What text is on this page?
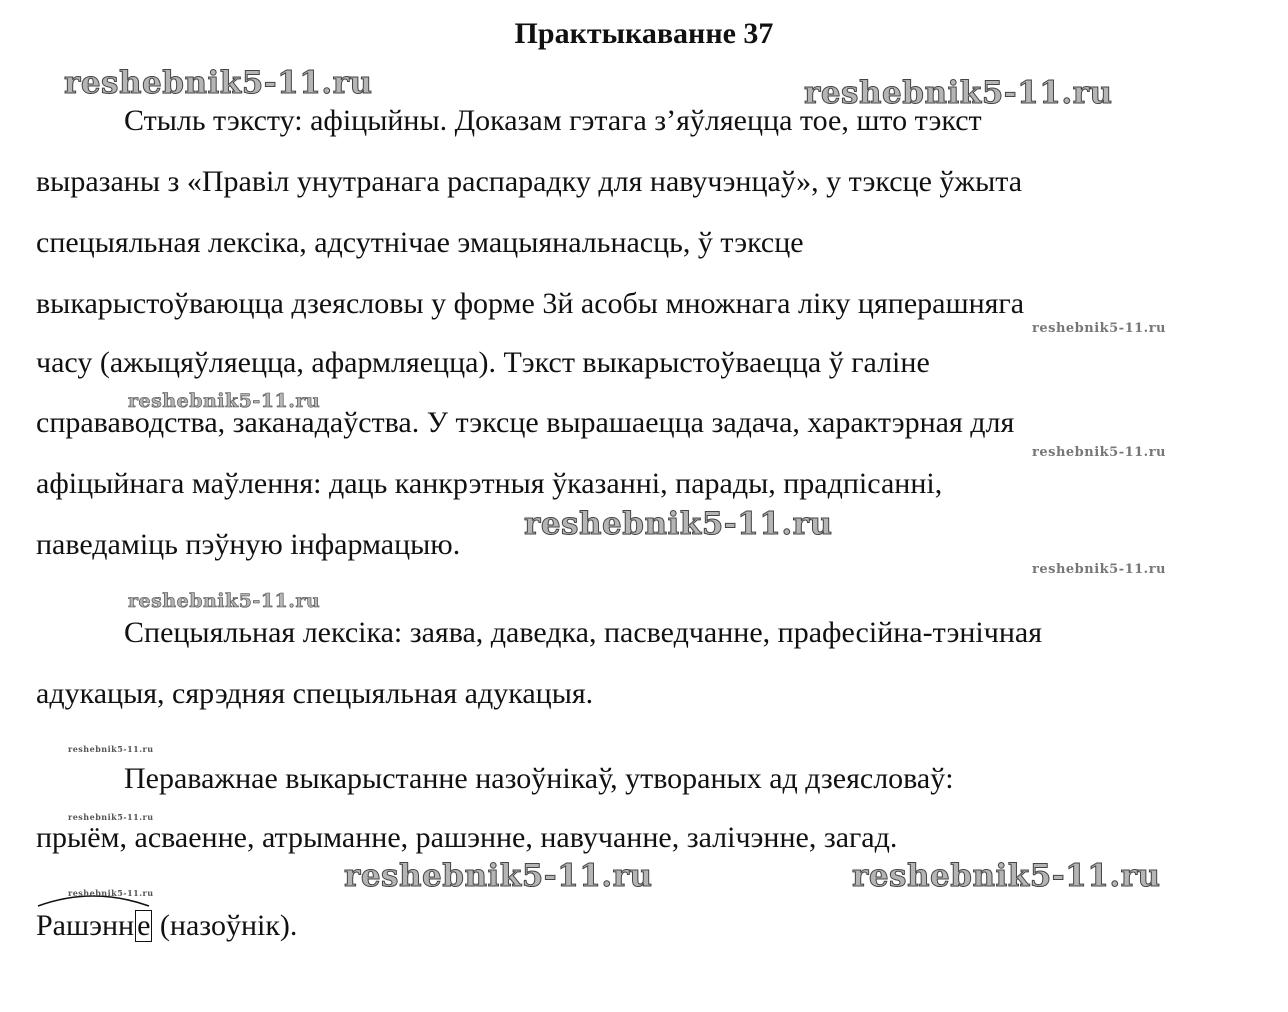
Практыкаванне 37
Стыль тэксту: афіцыйны. Доказам гэтага з’яўляецца тое, што тэкст
выразаны з «Правіл унутранага распарадку для навучэнцаў», у тэксце ўжыта
спецыяльная лексіка, адсутнічае эмацыянальнасць, ў тэксце
выкарыстоўваюцца дзеясловы у форме 3й асобы множнага ліку цяперашняга
часу (ажыцяўляецца, афармляецца). Тэкст выкарыстоўваецца ў галіне
справаводства, заканадаўства. У тэксце вырашаецца задача, характэрная для
афіцыйнага маўлення: даць канкрэтныя ўказанні, парады, прадпісанні,
паведаміць пэўную інфармацыю.
Спецыяльная лексіка: заява, даведка, пасведчанне, прафесійна-тэнічная
адукацыя, сярэдняя спецыяльная адукацыя.
Пераважнае выкарыстанне назоўнікаў, утвораных ад дзеясловаў:
прыём, асваенне, атрыманне, рашэнне, навучанне, залічэнне, загад.
Рашэнн е (назоўнік).
reshebnik5-11.ru	reshebnik5-11.ru
reshebnik5-11.ru
reshebnik5-11.ru
reshebnik5-11.ru
reshebnik5-11.ru
reshebnik5-11.ru
reshebnik5-11.ru
reshebnik5-11.ru
reshebnik5-11.ru
reshebnik5-11.ru	reshebnik5-11.ru
reshebnik5-11.ru
